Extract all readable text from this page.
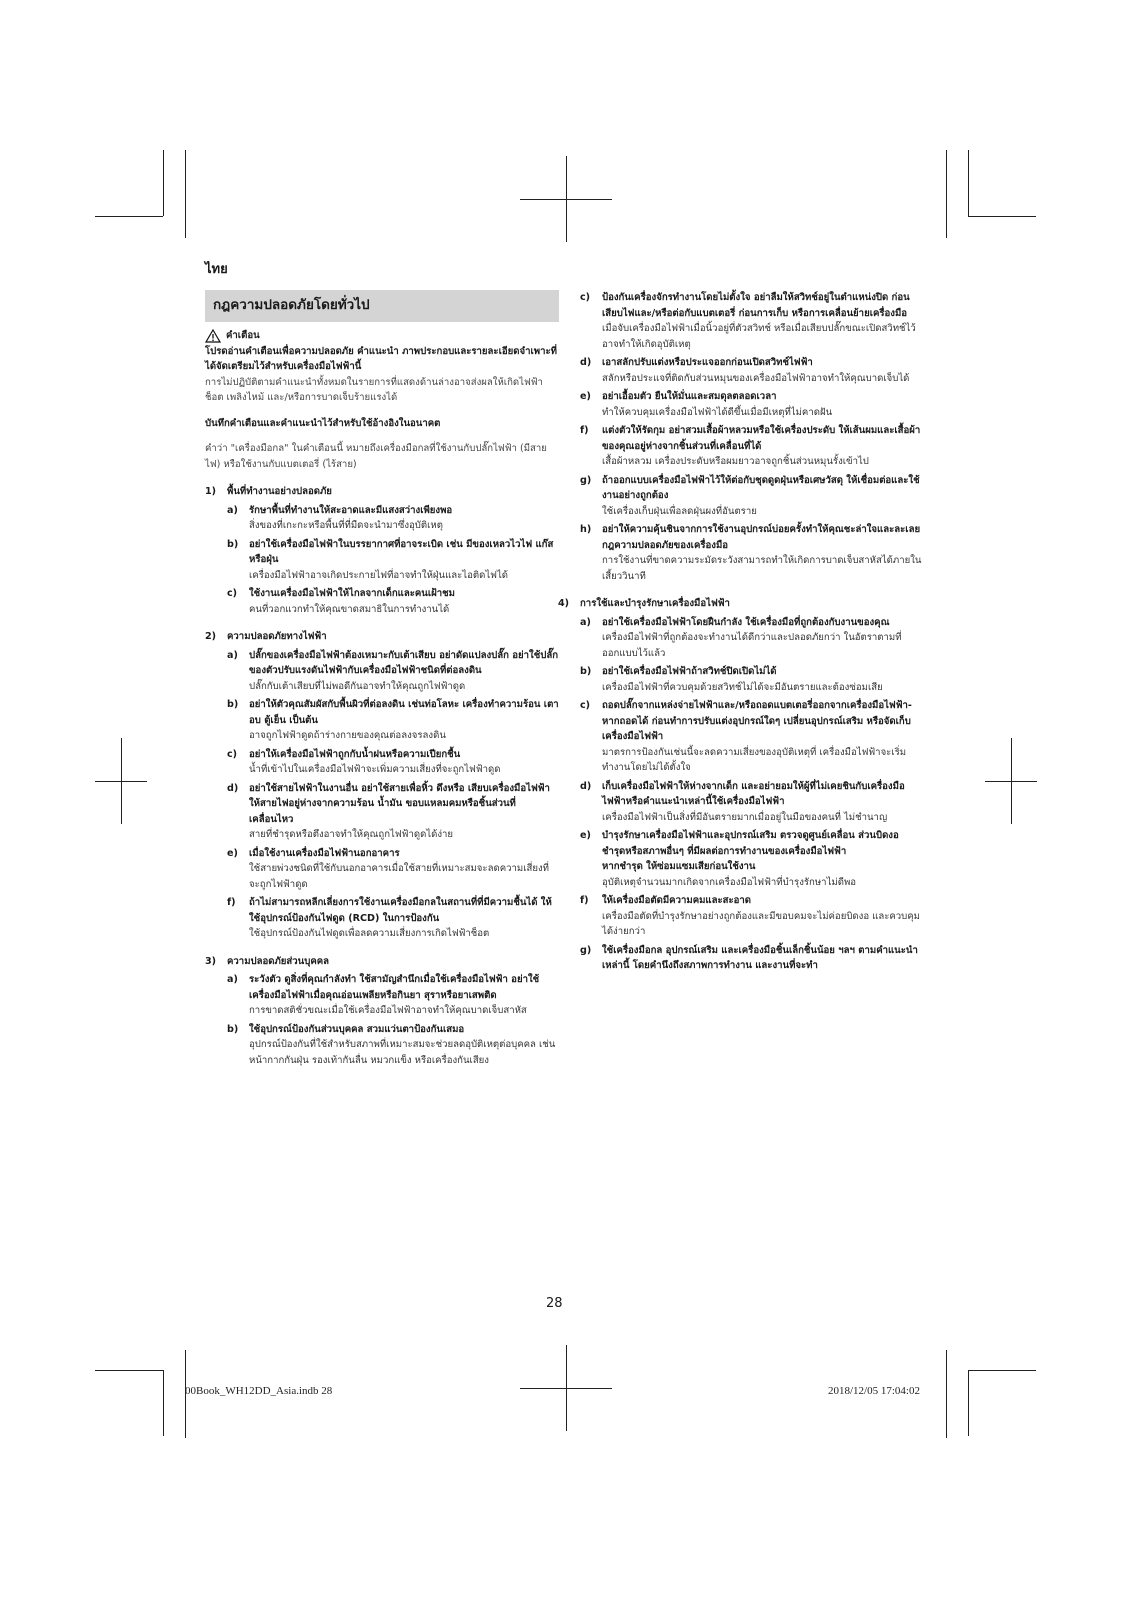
ไทย
กฎความปลอดภัยโดยทั่วไป
คำเตือน

โปรดอ่านคำเตือนเพื่อความปลอดภัย คำแนะนำ ภาพประกอบและรายละเอียดจำเพาะที่ได้จัดเตรียมไว้สำหรับเครื่องมือไฟฟ้านี้

การไม่ปฏิบัติตามคำแนะนำทั้งหมดในรายการที่แสดงด้านล่างอาจส่งผลให้เกิดไฟฟ้าช็อต เพลิงไหม้ และ/หรือการบาดเจ็บร้ายแรงได้

บันทึกคำเตือนและคำแนะนำไว้สำหรับใช้อ้างอิงในอนาคต

คำว่า "เครื่องมือกล" ในคำเตือนนี้ หมายถึงเครื่องมือกลที่ใช้งานกับปลั๊กไฟฟ้า (มีสายไฟ) หรือใช้งานกับแบตเตอรี่ (ไร้สาย)

1)	พื้นที่ทำงานอย่างปลอดภัย
a)	รักษาพื้นที่ทำงานให้สะอาดและมีแสงสว่างเพียงพอ
สิ่งของที่เกะกะหรือพื้นที่ที่มืดจะนำมาซึ่งอุบัติเหตุ
b)	อย่าใช้เครื่องมือไฟฟ้าในบรรยากาศที่อาจระเบิด เช่น มีของเหลวไวไฟ แก๊สหรือฝุ่น
เครื่องมือไฟฟ้าอาจเกิดประกายไฟที่อาจทำให้ฝุ่นและไอติดไฟได้
c)	ใช้งานเครื่องมือไฟฟ้าให้ไกลจากเด็กและคนเฝ้าชม
คนที่วอกแวกทำให้คุณขาดสมาธิในการทำงานได้
2)	ความปลอดภัยทางไฟฟ้า
a)	ปลั๊กของเครื่องมือไฟฟ้าต้องเหมาะกับเต้าเสียบ อย่าดัดแปลงปลั๊ก อย่าใช้ปลั๊กของตัวปรับแรงดันไฟฟ้ากับเครื่องมือไฟฟ้าชนิดที่ต่อลงดิน
ปลั๊กกับเต้าเสียบที่ไม่พอดีกันอาจทำให้คุณถูกไฟฟ้าดูด
b)	อย่าให้ตัวคุณสัมผัสกับพื้นผิวที่ต่อลงดิน เช่นท่อโลหะ เครื่องทำความร้อน เตาอบ ตู้เย็น เป็นต้น
อาจถูกไฟฟ้าดูดถ้าร่างกายของคุณต่อลงจรลงดิน
c)	อย่าให้เครื่องมือไฟฟ้าถูกกับน้ำฝนหรือความเปียกชื้น
น้ำที่เข้าไปในเครื่องมือไฟฟ้าจะเพิ่มความเสี่ยงที่จะถูกไฟฟ้าดูด
d)	อย่าใช้สายไฟฟ้าในงานอื่น อย่าใช้สายเพื่อหิ้ว ดึงหรือ เสียบเครื่องมือไฟฟ้า ให้สายไฟอยู่ห่างจากความร้อน น้ำมัน ขอบแหลมคมหรือชิ้นส่วนที่เคลื่อนไหว
สายที่ชำรุดหรือตึงอาจทำให้คุณถูกไฟฟ้าดูดได้ง่าย
e)	เมื่อใช้งานเครื่องมือไฟฟ้านอกอาคาร
ใช้สายพ่วงชนิดที่ใช้กับนอกอาคารเมื่อใช้สายที่เหมาะสมจะลดความเสี่ยงที่จะถูกไฟฟ้าดูด
f)	ถ้าไม่สามารถหลีกเลี่ยงการใช้งานเครื่องมือกลในสถานที่ที่มีความชื้นได้ ให้ใช้อุปกรณ์ป้องกันไฟดูด (RCD) ในการป้องกัน
ใช้อุปกรณ์ป้องกันไฟดูดเพื่อลดความเสี่ยงการเกิดไฟฟ้าช็อต
3)	ความปลอดภัยส่วนบุคคล
a)	ระวังตัว ดูสิ่งที่คุณกำลังทำ ใช้สามัญสำนึกเมื่อใช้เครื่องมือไฟฟ้า อย่าใช้เครื่องมือไฟฟ้าเมื่อคุณอ่อนเพลียหรือกินยา สุราหรือยาเสพติด
การขาดสติชั่วขณะเมื่อใช้เครื่องมือไฟฟ้าอาจทำให้คุณบาดเจ็บสาหัส
b)	ใช้อุปกรณ์ป้องกันส่วนบุคคล สวมแว่นตาป้องกันเสมอ
อุปกรณ์ป้องกันที่ใช้สำหรับสภาพที่เหมาะสมจะช่วยลดอุบัติเหตุต่อบุคคล เช่น หน้ากากกันฝุ่น รองเท้ากันลื่น หมวกแข็ง หรือเครื่องกันเสียง
c)	ป้องกันเครื่องจักรทำงานโดยไม่ตั้งใจ อย่าลืมให้สวิทช์อยู่ในตำแหน่งปิด ก่อนเสียบไฟและ/หรือต่อกับแบตเตอรี่ ก่อนการเก็บ หรือการเคลื่อนย้ายเครื่องมือ
เมื่อจับเครื่องมือไฟฟ้าเมื่อนิ้วอยู่ที่ตัวสวิทช์ หรือเมื่อเสียบปลั๊กขณะเปิดสวิทช์ไว้อาจทำให้เกิดอุบัติเหตุ
d)	เอาสลักปรับแต่งหรือประแจออกก่อนเปิดสวิทช์ไฟฟ้า
สลักหรือประแจที่ติดกับส่วนหมุนของเครื่องมือไฟฟ้าอาจทำให้คุณบาดเจ็บได้
e)	อย่าเอื้อมตัว ยืนให้มั่นและสมดุลตลอดเวลา
ทำให้ควบคุมเครื่องมือไฟฟ้าได้ดีขึ้นเมื่อมีเหตุที่ไม่คาดฝัน
f)	แต่งตัวให้รัดกุม อย่าสวมเสื้อผ้าหลวมหรือใช้เครื่องประดับ ให้เส้นผมและเสื้อผ้าของคุณอยู่ห่างจากชิ้นส่วนที่เคลื่อนที่ได้
เสื้อผ้าหลวม เครื่องประดับหรือผมยาวอาจถูกชิ้นส่วนหมุนรั้งเข้าไป
g)	ถ้าออกแบบเครื่องมือไฟฟ้าไว้ให้ต่อกับชุดดูดฝุ่นหรือเศษวัสดุ ให้เชื่อมต่อและใช้งานอย่างถูกต้อง
ใช้เครื่องเก็บฝุ่นเพื่อลดฝุ่นผงที่อันตราย
h)	อย่าให้ความคุ้นชินจากการใช้งานอุปกรณ์บ่อยครั้งทำให้คุณชะล่าใจและละเลยกฎความปลอดภัยของเครื่องมือ
การใช้งานที่ขาดความระมัดระวังสามารถทำให้เกิดการบาดเจ็บสาหัสได้ภายในเสี้ยววินาที
4)	การใช้และบำรุงรักษาเครื่องมือไฟฟ้า
a)	อย่าใช้เครื่องมือไฟฟ้าโดยฝืนกำลัง ใช้เครื่องมือที่ถูกต้องกับงานของคุณ
เครื่องมือไฟฟ้าที่ถูกต้องจะทำงานได้ดีกว่าและปลอดภัยกว่า ในอัตราตามที่ออกแบบไว้แล้ว
b)	อย่าใช้เครื่องมือไฟฟ้าถ้าสวิทช์ปิดเปิดไม่ได้
เครื่องมือไฟฟ้าที่ควบคุมด้วยสวิทช์ไม่ได้จะมีอันตรายและต้องซ่อมเสีย
c)	ถอดปลั๊กจากแหล่งจ่ายไฟฟ้าและ/หรือถอดแบตเตอรี่ออกจากเครื่องมือไฟฟ้า-หากถอดได้ ก่อนทำการปรับแต่งอุปกรณ์ใดๆ เปลี่ยนอุปกรณ์เสริม หรือจัดเก็บเครื่องมือไฟฟ้า
มาตรการป้องกันเช่นนี้จะลดความเสี่ยงของอุบัติเหตุที่ เครื่องมือไฟฟ้าจะเริ่มทำงานโดยไม่ได้ตั้งใจ
d)	เก็บเครื่องมือไฟฟ้าให้ห่างจากเด็ก และอย่ายอมให้ผู้ที่ไม่เคยชินกับเครื่องมือไฟฟ้าหรือคำแนะนำเหล่านี้ใช้เครื่องมือไฟฟ้า
เครื่องมือไฟฟ้าเป็นสิ่งที่มีอันตรายมากเมื่ออยู่ในมือของคนที่ ไม่ชำนาญ
e)	บำรุงรักษาเครื่องมือไฟฟ้าและอุปกรณ์เสริม ตรวจดูศูนย์เคลื่อน ส่วนบิดงอ ชำรุดหรือสภาพอื่นๆ ที่มีผลต่อการทำงานของเครื่องมือไฟฟ้า
หากชำรุด ให้ซ่อมแซมเสียก่อนใช้งาน
อุบัติเหตุจำนวนมากเกิดจากเครื่องมือไฟฟ้าที่บำรุงรักษาไม่ดีพอ
f)	ให้เครื่องมือตัดมีความคมและสะอาด
เครื่องมือตัดที่บำรุงรักษาอย่างถูกต้องและมีขอบคมจะไม่ค่อยบิดงอ และควบคุมได้ง่ายกว่า
g)	ใช้เครื่องมือกล อุปกรณ์เสริม และเครื่องมือชิ้นเล็กชิ้นน้อย ฯลฯ ตามคำแนะนำเหล่านี้ โดยคำนึงถึงสภาพการทำงาน และงานที่จะทำ
28
00Book_WH12DD_Asia.indb 28	2018/12/05 17:04:02
